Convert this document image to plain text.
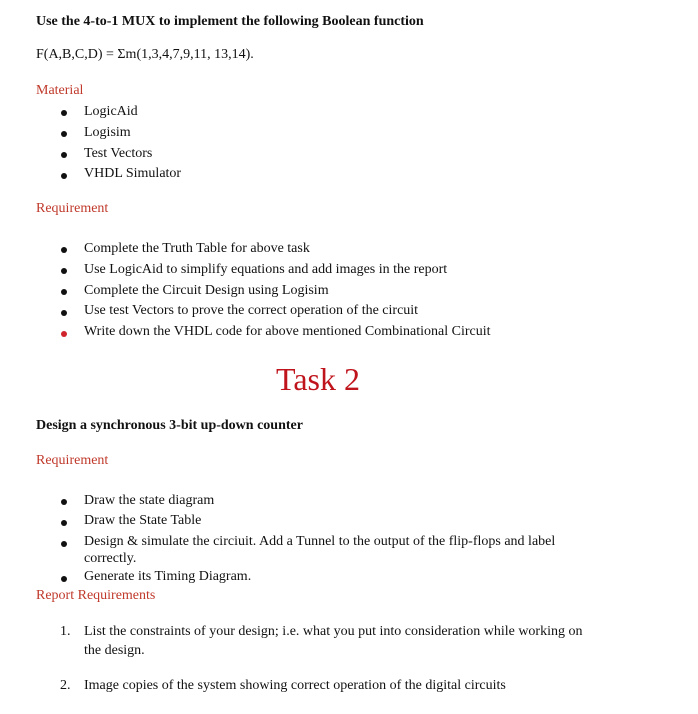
Use the 4-to-1 MUX to implement the following Boolean function
F(A,B,C,D) = Σm(1,3,4,7,9,11, 13,14).
Material
LogicAid
Logisim
Test Vectors
VHDL Simulator
Requirement
Complete the Truth Table for above task
Use LogicAid to simplify equations and add images in the report
Complete the Circuit Design using Logisim
Use test Vectors to prove the correct operation of the circuit
Write down the VHDL code for above mentioned Combinational Circuit
Task 2
Design a synchronous 3-bit up-down counter
Requirement
Draw the state diagram
Draw the State Table
Design & simulate the circiuit. Add a Tunnel to the output of the flip-flops and label
correctly.
Generate its Timing Diagram.
Report Requirements
1. List the constraints of your design; i.e. what you put into consideration while working on
the design.
2. Image copies of the system showing correct operation of the digital circuits
